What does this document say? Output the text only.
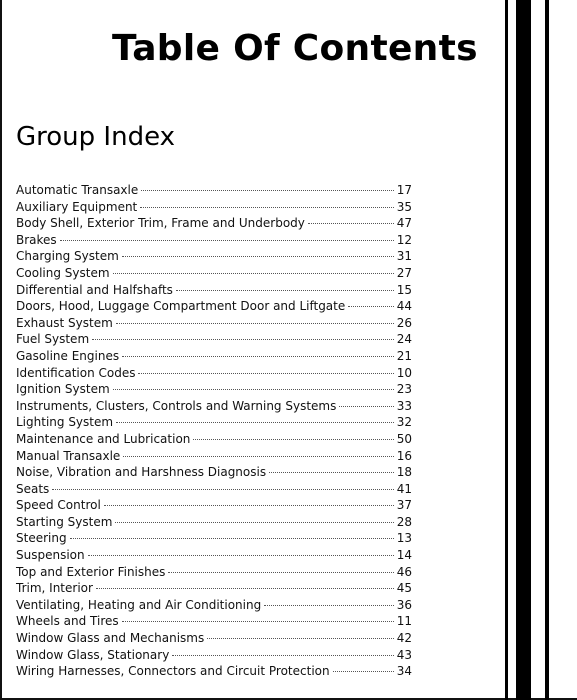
Table Of Contents
Group Index
Automatic Transaxle	17
Auxiliary Equipment	35
Body Shell, Exterior Trim, Frame and Underbody	47
Brakes	12
Charging System	31
Cooling System	27
Differential and Halfshafts	15
Doors, Hood, Luggage Compartment Door and Liftgate	44
Exhaust System	26
Fuel System	24
Gasoline Engines	21
Identification Codes	10
Ignition System	23
Instruments, Clusters, Controls and Warning Systems	33
Lighting System	32
Maintenance and Lubrication	50
Manual Transaxle	16
Noise, Vibration and Harshness Diagnosis	18
Seats	41
Speed Control	37
Starting System	28
Steering	13
Suspension	14
Top and Exterior Finishes	46
Trim, Interior	45
Ventilating, Heating and Air Conditioning	36
Wheels and Tires	11
Window Glass and Mechanisms	42
Window Glass, Stationary	43
Wiring Harnesses, Connectors and Circuit Protection	34
